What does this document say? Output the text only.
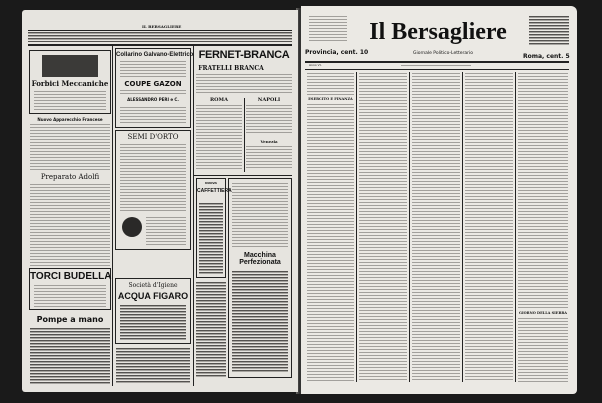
IL BERSAGLIERE
Forbici Meccaniche
Nuovo Apparecchio Francese
Preparato Adolfi
TORCI BUDELLA
Pompe a mano
Collarino Galvano-Elettrico
COUPE GAZON
ALESSANDRO PERI e C.
SEMI D'ORTO
Società d'Igiene
ACQUA FIGARO
FERNET-BRANCA
FRATELLI BRANCA
ROMA	NAPOLI
Venezia
NUOVA
CAFFETTIERA
Macchina Perfezionata
Il Bersagliere
Provincia, cent. 10	Giornale Politico-Letterario	Roma, cent. 5
Anno VI.
ESERCITO E FINANZA
GIORNO DELLA SIERRA
